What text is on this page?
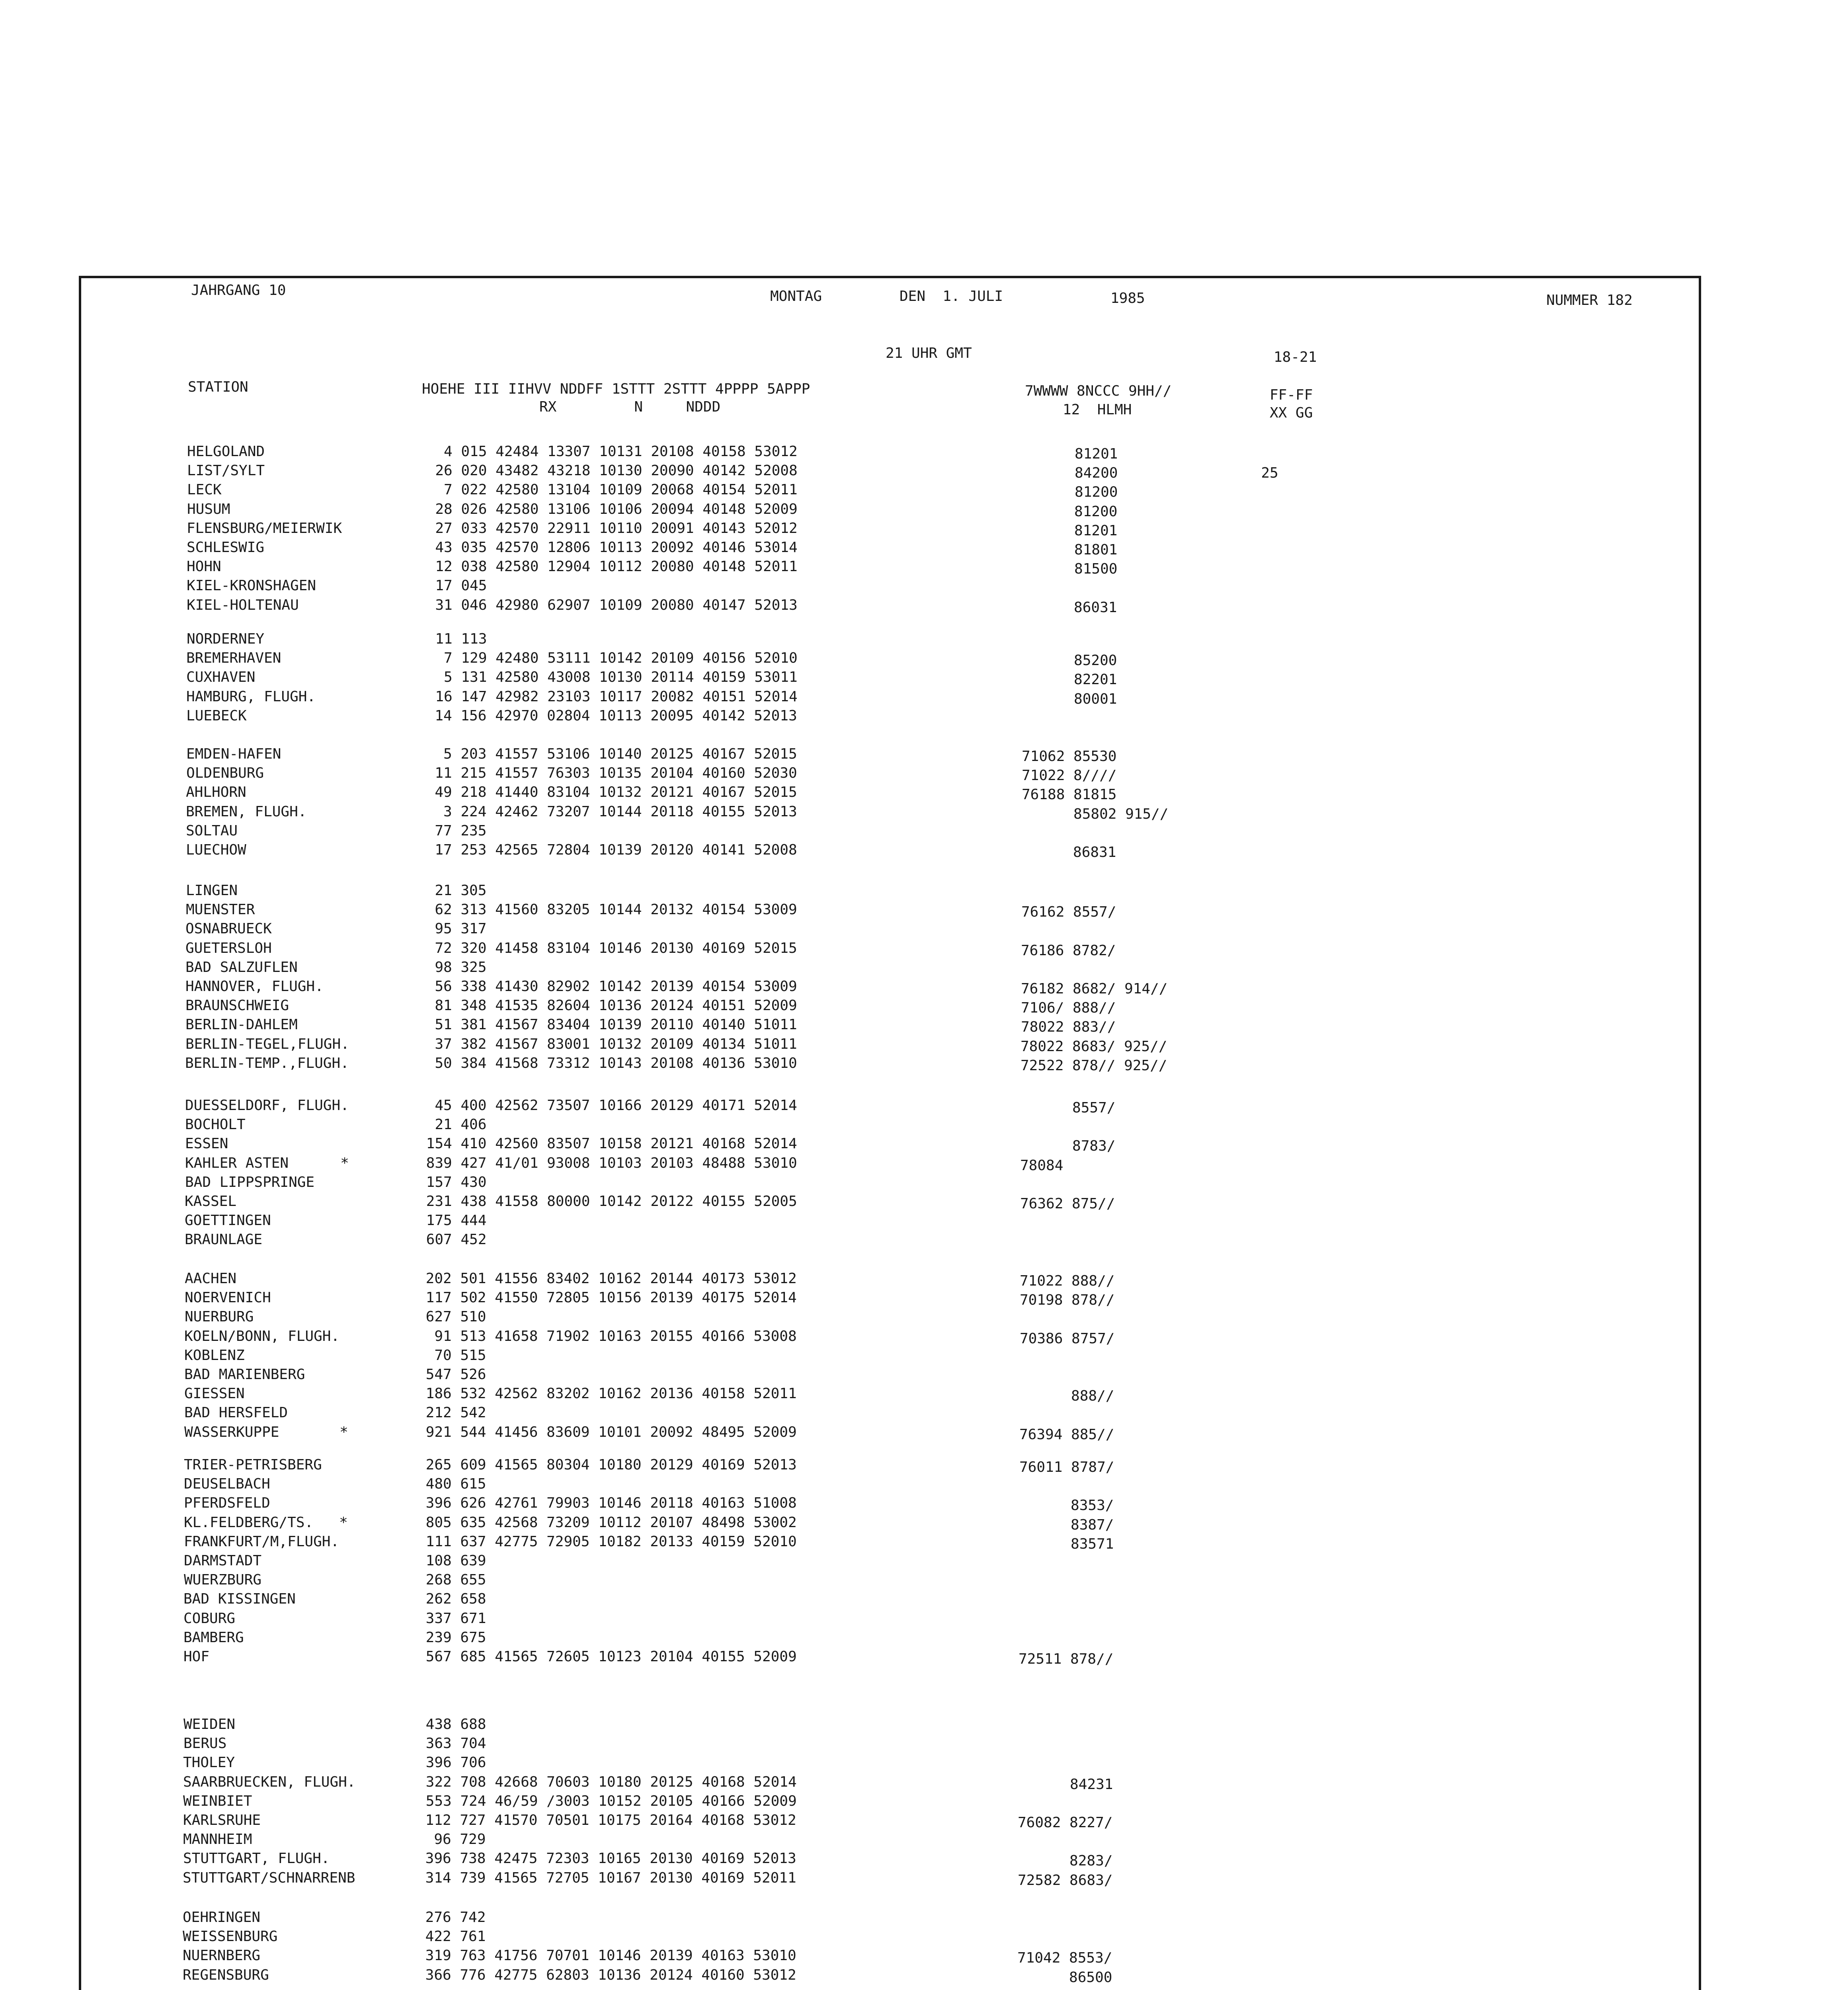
JAHRGANG 10	MONTAG	DEN  1. JULI	1985	NUMMER 182
21 UHR GMT	18-21
STATION	HOEHE III IIHVV NDDFF 1STTT 2STTT 4PPPP 5APPP
RX         N     NDDD
7WWWW 8NCCC 9HH//
12  HLMH
FF-FF
XX GG
HELGOLAND	4 015 42484 13307 10131 20108 40158 53012	81201
LIST/SYLT	26 020 43482 43218 10130 20090 40142 52008	84200	25
LECK	7 022 42580 13104 10109 20068 40154 52011	81200
HUSUM	28 026 42580 13106 10106 20094 40148 52009	81200
FLENSBURG/MEIERWIK	27 033 42570 22911 10110 20091 40143 52012	81201
SCHLESWIG	43 035 42570 12806 10113 20092 40146 53014	81801
HOHN	12 038 42580 12904 10112 20080 40148 52011	81500
KIEL-KRONSHAGEN	17 045
KIEL-HOLTENAU	31 046 42980 62907 10109 20080 40147 52013	86031
NORDERNEY	11 113
BREMERHAVEN	7 129 42480 53111 10142 20109 40156 52010	85200
CUXHAVEN	5 131 42580 43008 10130 20114 40159 53011	82201
HAMBURG, FLUGH.	16 147 42982 23103 10117 20082 40151 52014	80001
LUEBECK	14 156 42970 02804 10113 20095 40142 52013
EMDEN-HAFEN	5 203 41557 53106 10140 20125 40167 52015	71062 85530
OLDENBURG	11 215 41557 76303 10135 20104 40160 52030	71022 8////
AHLHORN	49 218 41440 83104 10132 20121 40167 52015	76188 81815
BREMEN, FLUGH.	3 224 42462 73207 10144 20118 40155 52013	85802 915//
SOLTAU	77 235
LUECHOW	17 253 42565 72804 10139 20120 40141 52008	86831
LINGEN	21 305
MUENSTER	62 313 41560 83205 10144 20132 40154 53009	76162 8557/
OSNABRUECK	95 317
GUETERSLOH	72 320 41458 83104 10146 20130 40169 52015	76186 8782/
BAD SALZUFLEN	98 325
HANNOVER, FLUGH.	56 338 41430 82902 10142 20139 40154 53009	76182 8682/ 914//
BRAUNSCHWEIG	81 348 41535 82604 10136 20124 40151 52009	7106/ 888//
BERLIN-DAHLEM	51 381 41567 83404 10139 20110 40140 51011	78022 883//
BERLIN-TEGEL,FLUGH.	37 382 41567 83001 10132 20109 40134 51011	78022 8683/ 925//
BERLIN-TEMP.,FLUGH.	50 384 41568 73312 10143 20108 40136 53010	72522 878// 925//
DUESSELDORF, FLUGH.	45 400 42562 73507 10166 20129 40171 52014	8557/
BOCHOLT	21 406
ESSEN	154 410 42560 83507 10158 20121 40168 52014	8783/
KAHLER ASTEN      *	839 427 41/01 93008 10103 20103 48488 53010	78084
BAD LIPPSPRINGE	157 430
KASSEL	231 438 41558 80000 10142 20122 40155 52005	76362 875//
GOETTINGEN	175 444
BRAUNLAGE	607 452
AACHEN	202 501 41556 83402 10162 20144 40173 53012	71022 888//
NOERVENICH	117 502 41550 72805 10156 20139 40175 52014	70198 878//
NUERBURG	627 510
KOELN/BONN, FLUGH.	91 513 41658 71902 10163 20155 40166 53008	70386 8757/
KOBLENZ	70 515
BAD MARIENBERG	547 526
GIESSEN	186 532 42562 83202 10162 20136 40158 52011	888//
BAD HERSFELD	212 542
WASSERKUPPE       *	921 544 41456 83609 10101 20092 48495 52009	76394 885//
TRIER-PETRISBERG	265 609 41565 80304 10180 20129 40169 52013	76011 8787/
DEUSELBACH	480 615
PFERDSFELD	396 626 42761 79903 10146 20118 40163 51008	8353/
KL.FELDBERG/TS.   *	805 635 42568 73209 10112 20107 48498 53002	8387/
FRANKFURT/M,FLUGH.	111 637 42775 72905 10182 20133 40159 52010	83571
DARMSTADT	108 639
WUERZBURG	268 655
BAD KISSINGEN	262 658
COBURG	337 671
BAMBERG	239 675
HOF	567 685 41565 72605 10123 20104 40155 52009	72511 878//
WEIDEN	438 688
BERUS	363 704
THOLEY	396 706
SAARBRUECKEN, FLUGH.	322 708 42668 70603 10180 20125 40168 52014	84231
WEINBIET	553 724 46/59 /3003 10152 20105 40166 52009
KARLSRUHE	112 727 41570 70501 10175 20164 40168 53012	76082 8227/
MANNHEIM	96 729
STUTTGART, FLUGH.	396 738 42475 72303 10165 20130 40169 52013	8283/
STUTTGART/SCHNARRENB	314 739 41565 72705 10167 20130 40169 52011	72582 8683/
OEHRINGEN	276 742
WEISSENBURG	422 761
NUERNBERG	319 763 41756 70701 10146 20139 40163 53010	71042 8553/
REGENSBURG	366 776 42775 62803 10136 20124 40160 53012	86500
